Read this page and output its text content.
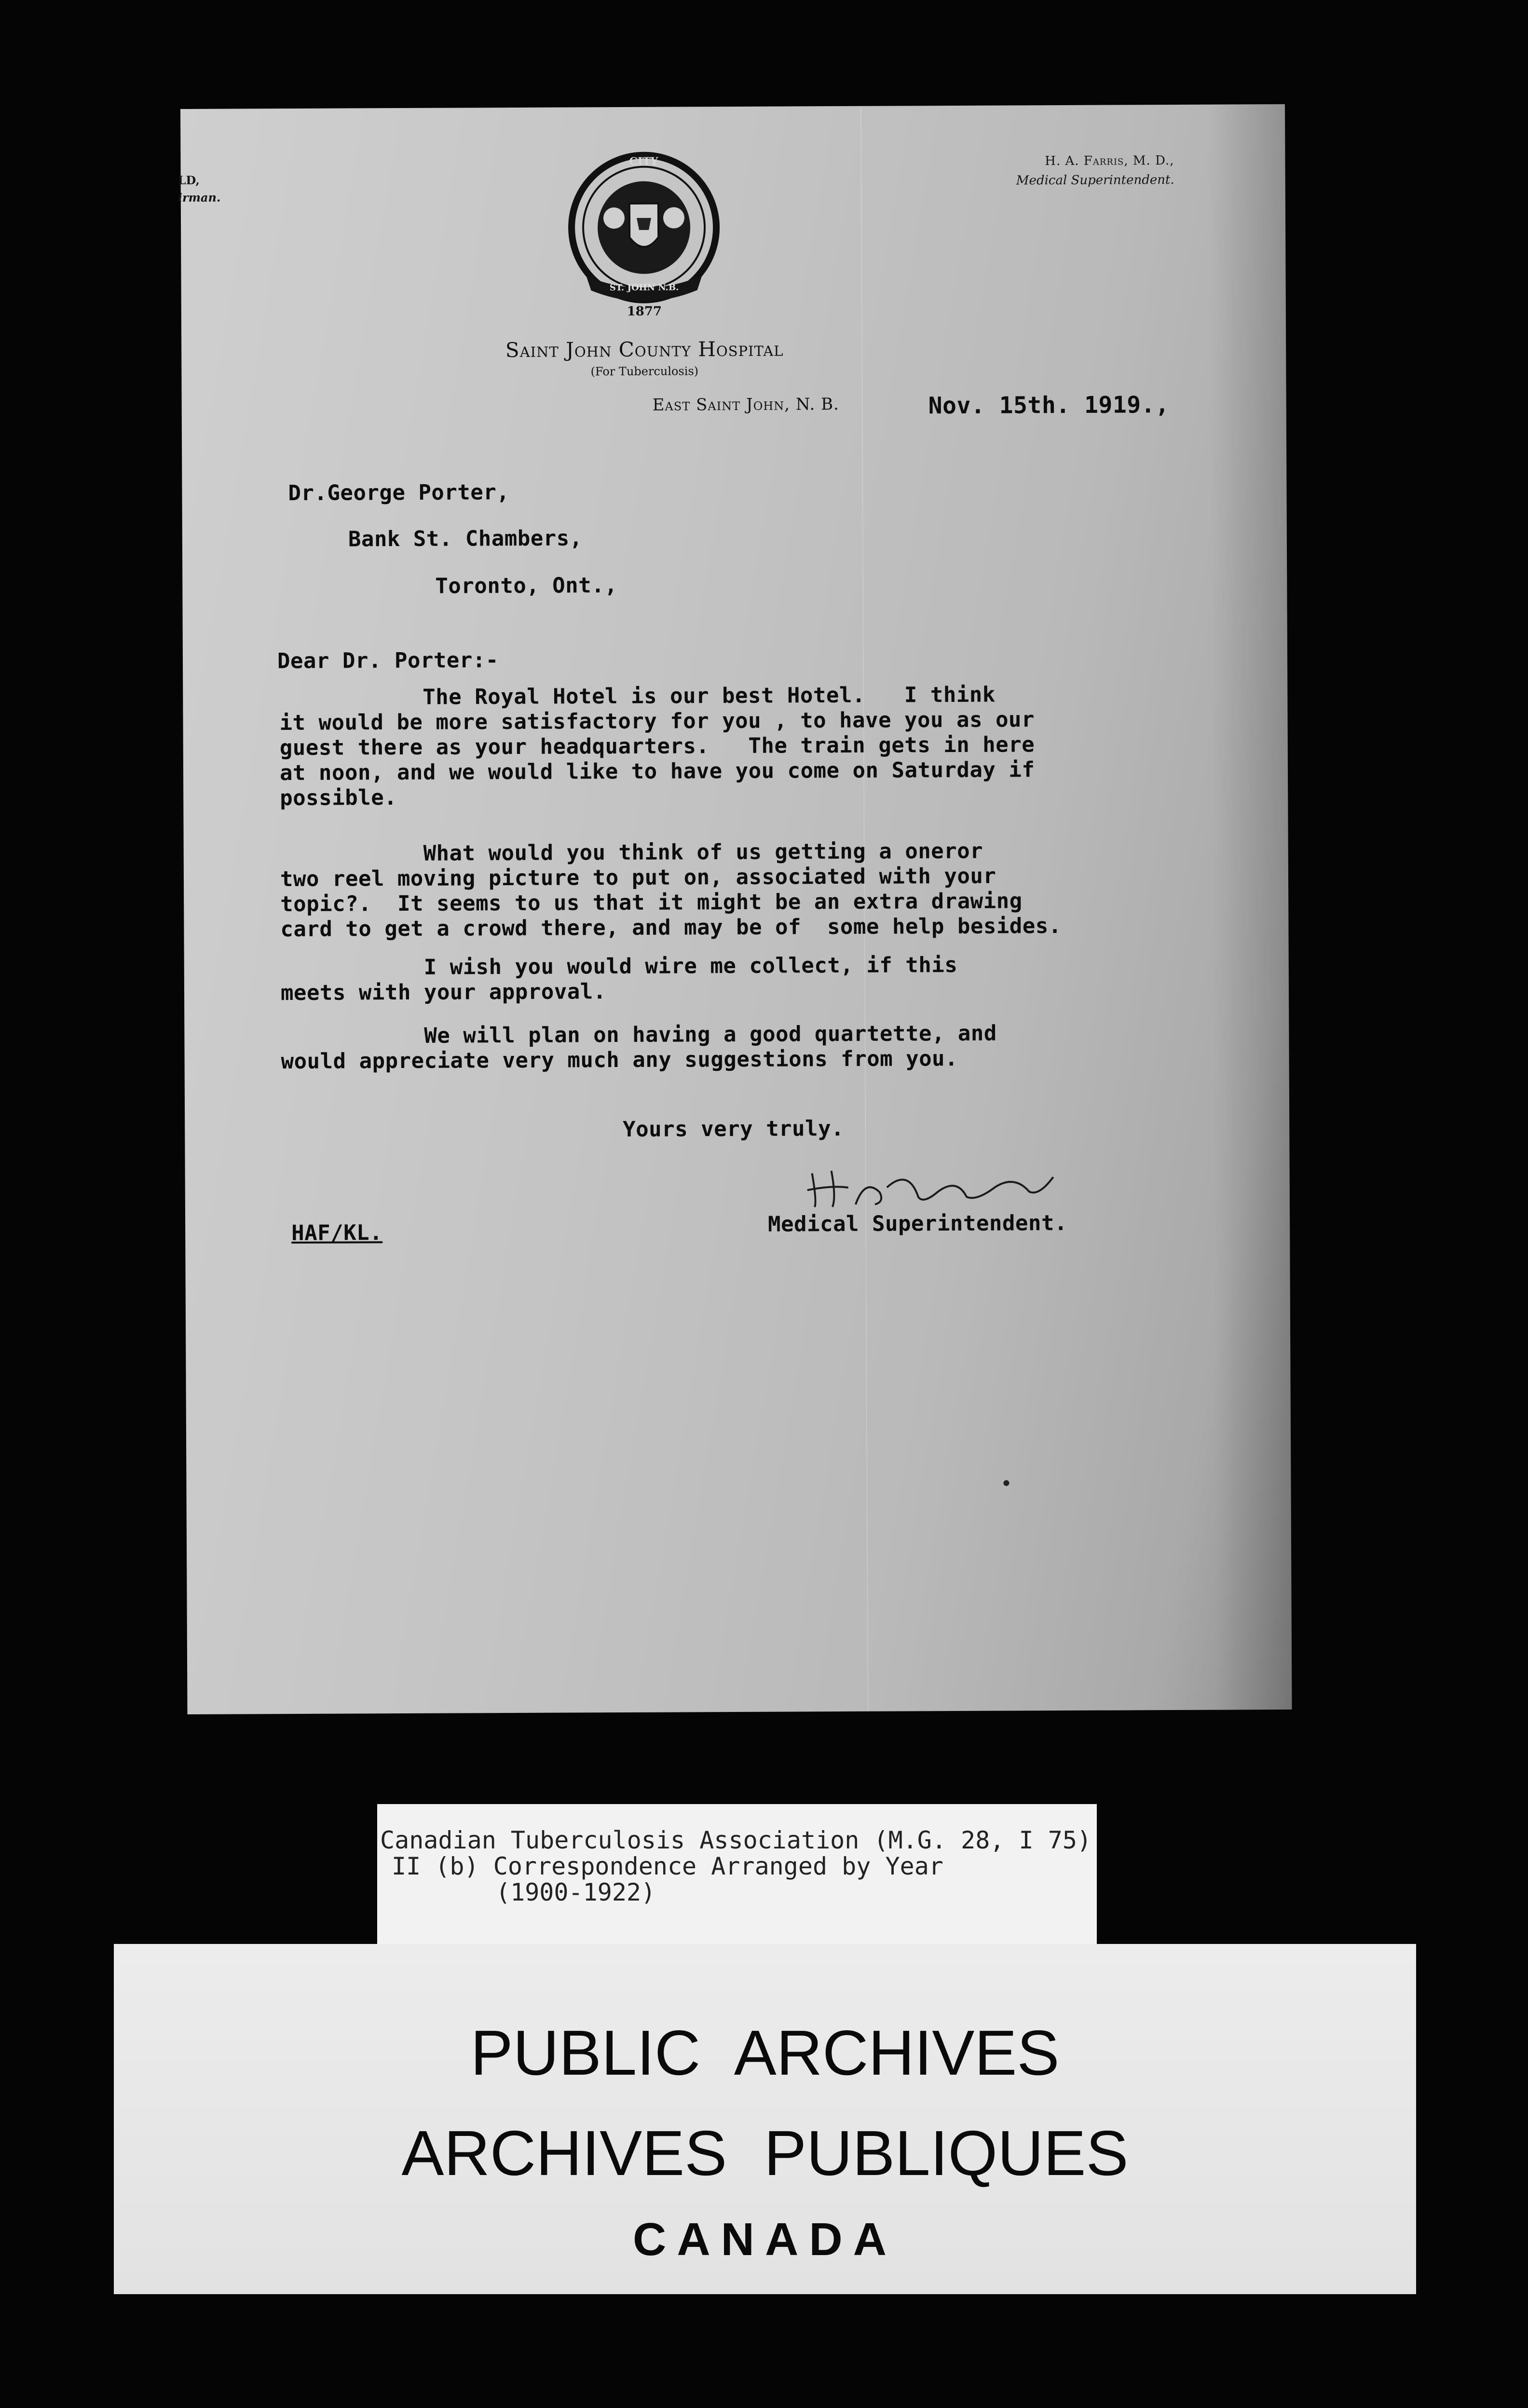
LD,
irman.
1877
CITY
ST. JOHN N.B.
H. A. Farris, M. D.,
Medical Superintendent.
Saint John County Hospital
(For Tuberculosis)
East Saint John, N. B.	Nov. 15th. 1919.,
Dr.George Porter,
Bank St. Chambers,
Toronto, Ont.,
Dear Dr. Porter:-
The Royal Hotel is our best Hotel.   I think
it would be more satisfactory for you , to have you as our
guest there as your headquarters.   The train gets in here
at noon, and we would like to have you come on Saturday if
possible.
What would you think of us getting a oneror
two reel moving picture to put on, associated with your
topic?.  It seems to us that it might be an extra drawing
card to get a crowd there, and may be of  some help besides.
I wish you would wire me collect, if this
meets with your approval.
We will plan on having a good quartette, and
would appreciate very much any suggestions from you.
Yours very truly.
Medical Superintendent.
HAF/KL.
Canadian Tuberculosis Association (M.G. 28, I 75)
II (b) Correspondence Arranged by Year
(1900-1922)
PUBLIC ARCHIVES
ARCHIVES PUBLIQUES
CANADA
